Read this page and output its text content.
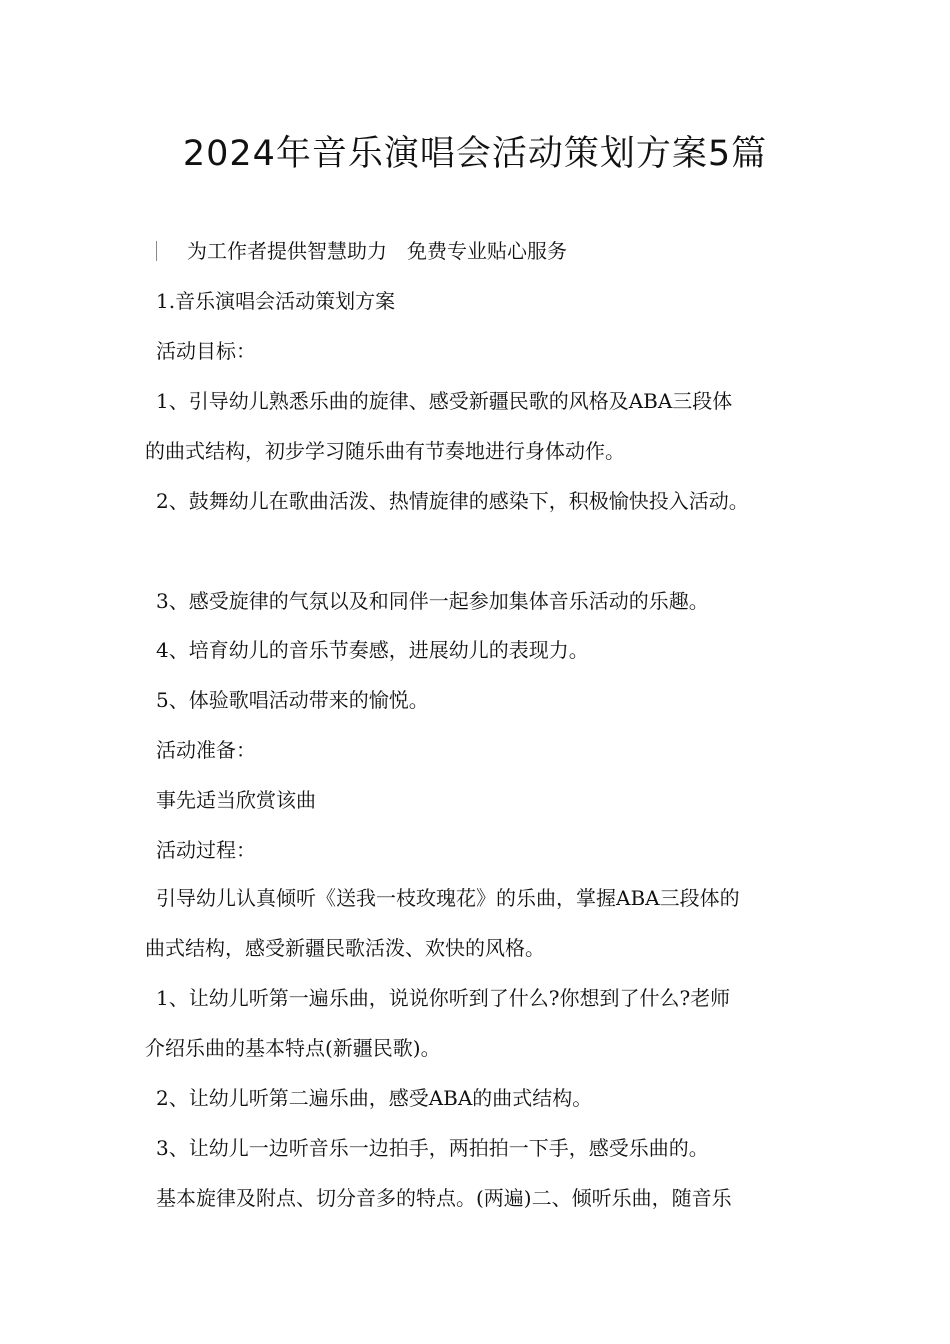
2024年音乐演唱会活动策划方案5篇

为工作者提供智慧助力　免费专业贴心服务

1.音乐演唱会活动策划方案

活动目标：

1、引导幼儿熟悉乐曲的旋律、感受新疆民歌的风格及ABA三段体

的曲式结构，初步学习随乐曲有节奏地进行身体动作。

2、鼓舞幼儿在歌曲活泼、热情旋律的感染下，积极愉快投入活动。

3、感受旋律的气氛以及和同伴一起参加集体音乐活动的乐趣。

4、培育幼儿的音乐节奏感，进展幼儿的表现力。

5、体验歌唱活动带来的愉悦。

活动准备：

事先适当欣赏该曲

活动过程：

引导幼儿认真倾听《送我一枝玫瑰花》的乐曲，掌握ABA三段体的

曲式结构，感受新疆民歌活泼、欢快的风格。

1、让幼儿听第一遍乐曲，说说你听到了什么?你想到了什么?老师

介绍乐曲的基本特点(新疆民歌)。

2、让幼儿听第二遍乐曲，感受ABA的曲式结构。

3、让幼儿一边听音乐一边拍手，两拍拍一下手，感受乐曲的。

基本旋律及附点、切分音多的特点。(两遍)二、倾听乐曲，随音乐
